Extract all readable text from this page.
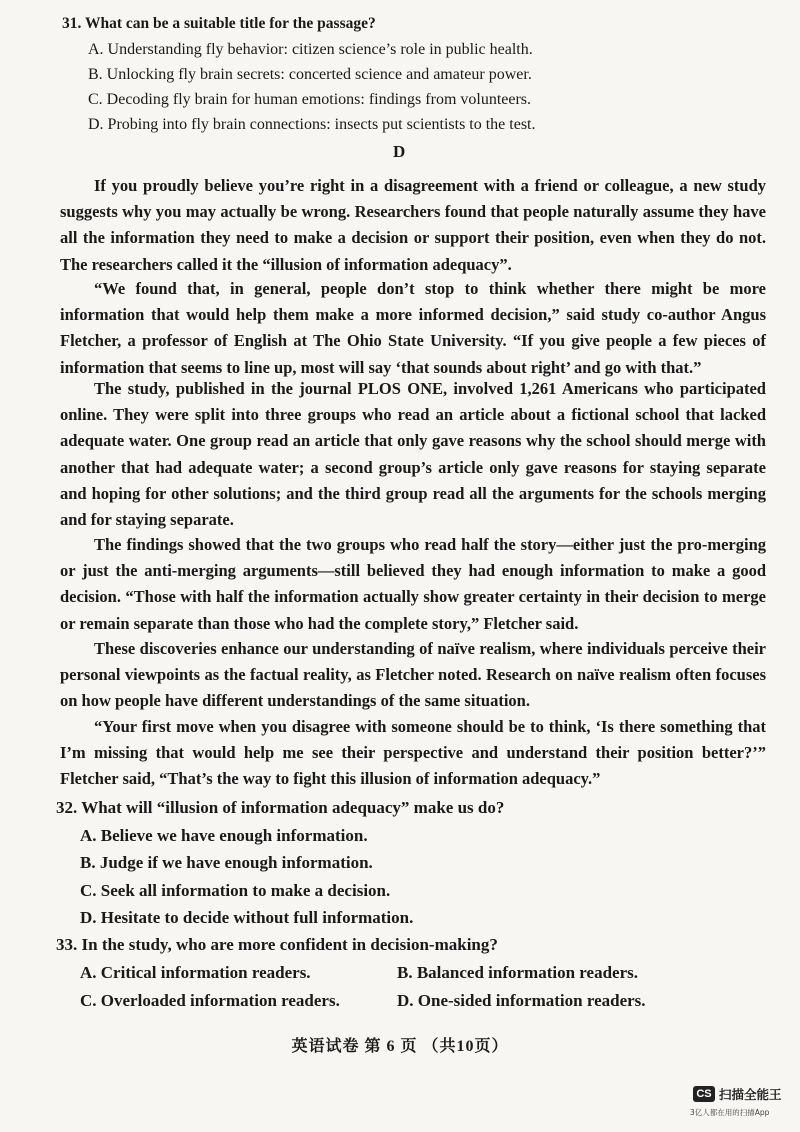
31. What can be a suitable title for the passage?
A. Understanding fly behavior: citizen science’s role in public health.
B. Unlocking fly brain secrets: concerted science and amateur power.
C. Decoding fly brain for human emotions: findings from volunteers.
D. Probing into fly brain connections: insects put scientists to the test.
D
If you proudly believe you’re right in a disagreement with a friend or colleague, a new study suggests why you may actually be wrong. Researchers found that people naturally assume they have all the information they need to make a decision or support their position, even when they do not. The researchers called it the “illusion of information adequacy”.
“We found that, in general, people don’t stop to think whether there might be more information that would help them make a more informed decision,” said study co-author Angus Fletcher, a professor of English at The Ohio State University. “If you give people a few pieces of information that seems to line up, most will say ‘that sounds about right’ and go with that.”
The study, published in the journal PLOS ONE, involved 1,261 Americans who participated online. They were split into three groups who read an article about a fictional school that lacked adequate water. One group read an article that only gave reasons why the school should merge with another that had adequate water; a second group’s article only gave reasons for staying separate and hoping for other solutions; and the third group read all the arguments for the schools merging and for staying separate.
The findings showed that the two groups who read half the story—either just the pro-merging or just the anti-merging arguments—still believed they had enough information to make a good decision. “Those with half the information actually show greater certainty in their decision to merge or remain separate than those who had the complete story,” Fletcher said.
These discoveries enhance our understanding of naïve realism, where individuals perceive their personal viewpoints as the factual reality, as Fletcher noted. Research on naïve realism often focuses on how people have different understandings of the same situation.
“Your first move when you disagree with someone should be to think, ‘Is there something that I’m missing that would help me see their perspective and understand their position better?’” Fletcher said, “That’s the way to fight this illusion of information adequacy.”
32. What will “illusion of information adequacy” make us do?
A. Believe we have enough information.
B. Judge if we have enough information.
C. Seek all information to make a decision.
D. Hesitate to decide without full information.
33. In the study, who are more confident in decision-making?
A. Critical information readers.	B. Balanced information readers.
C. Overloaded information readers.	D. One-sided information readers.
英语试卷 第 6 页 （共10页）
CS 扫描全能王
3亿人都在用的扫描App
